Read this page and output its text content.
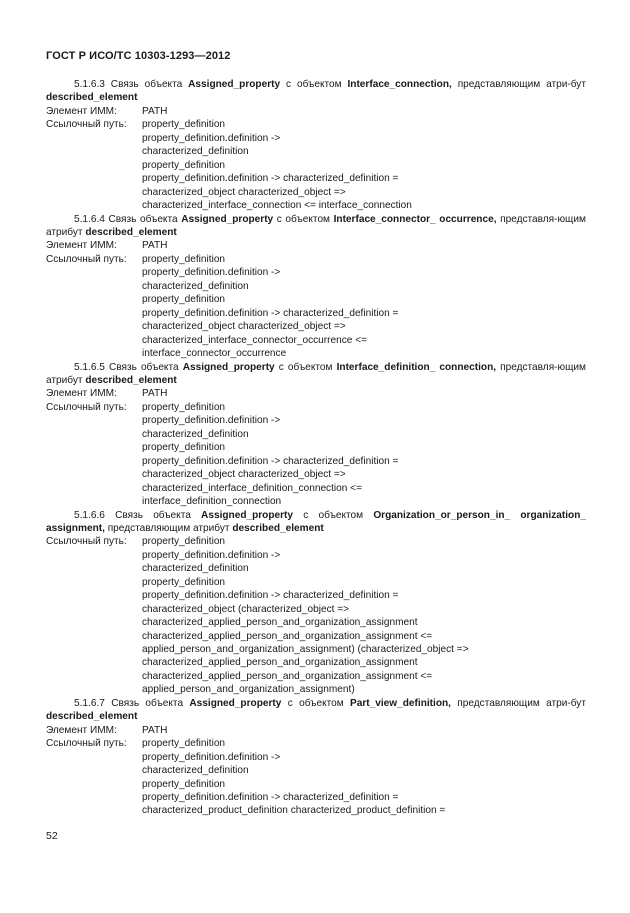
ГОСТ Р ИСО/ТС 10303-1293—2012

5.1.6.3 Связь объекта Assigned_property с объектом Interface_connection, представляющим атри-бут described_element

Элемент ИММ:	PATH
Ссылочный путь:	property_definition
property_definition.definition ->
characterized_definition
property_definition
property_definition.definition -> characterized_definition =
characterized_object characterized_object =>
characterized_interface_connection <= interface_connection

5.1.6.4 Связь объекта Assigned_property с объектом Interface_connector_ occurrence, представля-ющим атрибут described_element

Элемент ИММ:	PATH
Ссылочный путь:	property_definition
property_definition.definition ->
characterized_definition
property_definition
property_definition.definition -> characterized_definition =
characterized_object characterized_object =>
characterized_interface_connector_occurrence <=
interface_connector_occurrence

5.1.6.5 Связь объекта Assigned_property с объектом Interface_definition_ connection, представля-ющим атрибут described_element

Элемент ИММ:	PATH
Ссылочный путь:	property_definition
property_definition.definition ->
characterized_definition
property_definition
property_definition.definition -> characterized_definition =
characterized_object characterized_object =>
characterized_interface_definition_connection <=
interface_definition_connection

5.1.6.6 Связь объекта Assigned_property с объектом Organization_or_person_in_ organization_ assignment, представляющим атрибут described_element

Ссылочный путь:	property_definition
property_definition.definition ->
characterized_definition
property_definition
property_definition.definition -> characterized_definition =
characterized_object (characterized_object =>
characterized_applied_person_and_organization_assignment
characterized_applied_person_and_organization_assignment <=
applied_person_and_organization_assignment) (characterized_object =>
characterized_applied_person_and_organization_assignment
characterized_applied_person_and_organization_assignment <=
applied_person_and_organization_assignment)

5.1.6.7 Связь объекта Assigned_property с объектом Part_view_definition, представляющим атри-бут described_element

Элемент ИММ:	PATH
Ссылочный путь:	property_definition
property_definition.definition ->
characterized_definition
property_definition
property_definition.definition -> characterized_definition =
characterized_product_definition characterized_product_definition =
52
